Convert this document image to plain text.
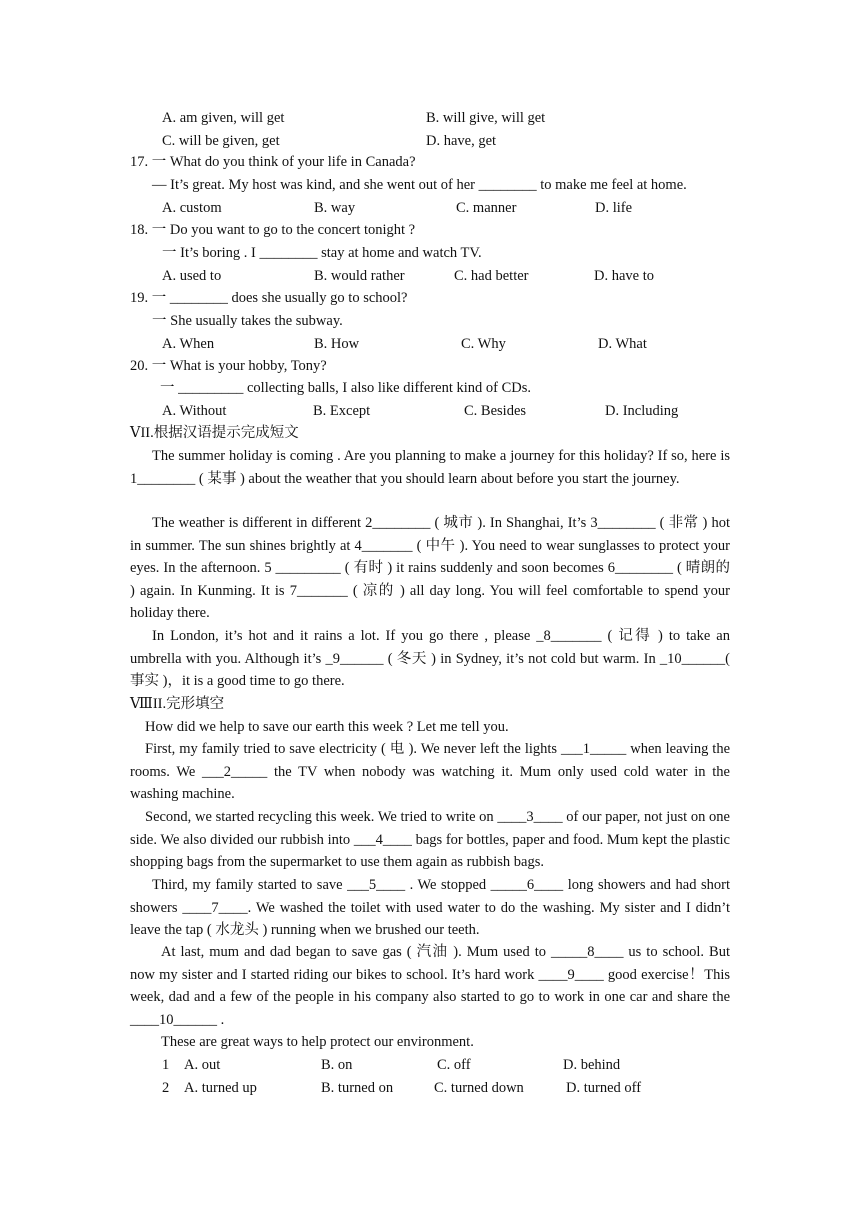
A. am given, will get	B. will give, will get
C. will be given, get	D. have, get
17. 一 What do you think of your life in Canada?
— It’s great. My host was kind, and she went out of her ________ to make me feel at home.
A. custom	B. way	C. manner	D. life
18. 一 Do you want to go to the concert tonight ?
一 It’s boring . I ________ stay at home and watch TV.
A. used to	B. would rather	C. had better	D. have to
19. 一 ________ does she usually go to school?
一 She usually takes the subway.
A. When	B. How	C. Why	D. What
20. 一 What is your hobby, Tony?
一 _________ collecting balls, I also like different kind of CDs.
A. Without	B. Except	C. Besides	D. Including
ⅤII.根据汉语提示完成短文
The summer holiday is coming . Are you planning to make a journey for this holiday? If so, here is 1________ ( 某事 ) about the weather that you should learn about before you start the journey.
The weather is different in different 2________ ( 城市 ). In Shanghai, It’s 3________ ( 非常 ) hot in summer. The sun shines brightly at 4_______ ( 中午 ). You need to wear sunglasses to protect your eyes. In the afternoon. 5 _________ ( 有时 ) it rains suddenly and soon becomes 6________ ( 晴朗的 ) again. In Kunming. It is 7_______ ( 凉的 ) all day long. You will feel comfortable to spend your holiday there.
In London, it’s hot and it rains a lot. If you go there , please _8_______ ( 记得 ) to take an umbrella with you. Although it’s _9______ ( 冬天 ) in Sydney, it’s not cold but warm. In _10______( 事实 )，it is a good time to go there.
ⅧII.完形填空
How did we help to save our earth this week ? Let me tell you.
First, my family tried to save electricity ( 电 ). We never left the lights ___1_____ when leaving the rooms. We ___2_____ the TV when nobody was watching it. Mum only used cold water in the washing machine.
Second, we started recycling this week. We tried to write on ____3____ of our paper, not just on one side. We also divided our rubbish into ___4____ bags for bottles, paper and food. Mum kept the plastic shopping bags from the supermarket to use them again as rubbish bags.
Third, my family started to save ___5____ . We stopped _____6____ long showers and had short showers ____7____. We washed the toilet with used water to do the washing. My sister and I didn’t leave the tap ( 水龙头 ) running when we brushed our teeth.
At last, mum and dad began to save gas ( 汽油 ). Mum used to _____8____ us to school. But now my sister and I started riding our bikes to school. It’s hard work ____9____ good exercise！This week, dad and a few of the people in his company also started to go to work in one car and share the ____10______ .
These are great ways to help protect our environment.
1 A. out	B. on	C. off	D. behind
2 A. turned up	B. turned on	C. turned down	D. turned off
